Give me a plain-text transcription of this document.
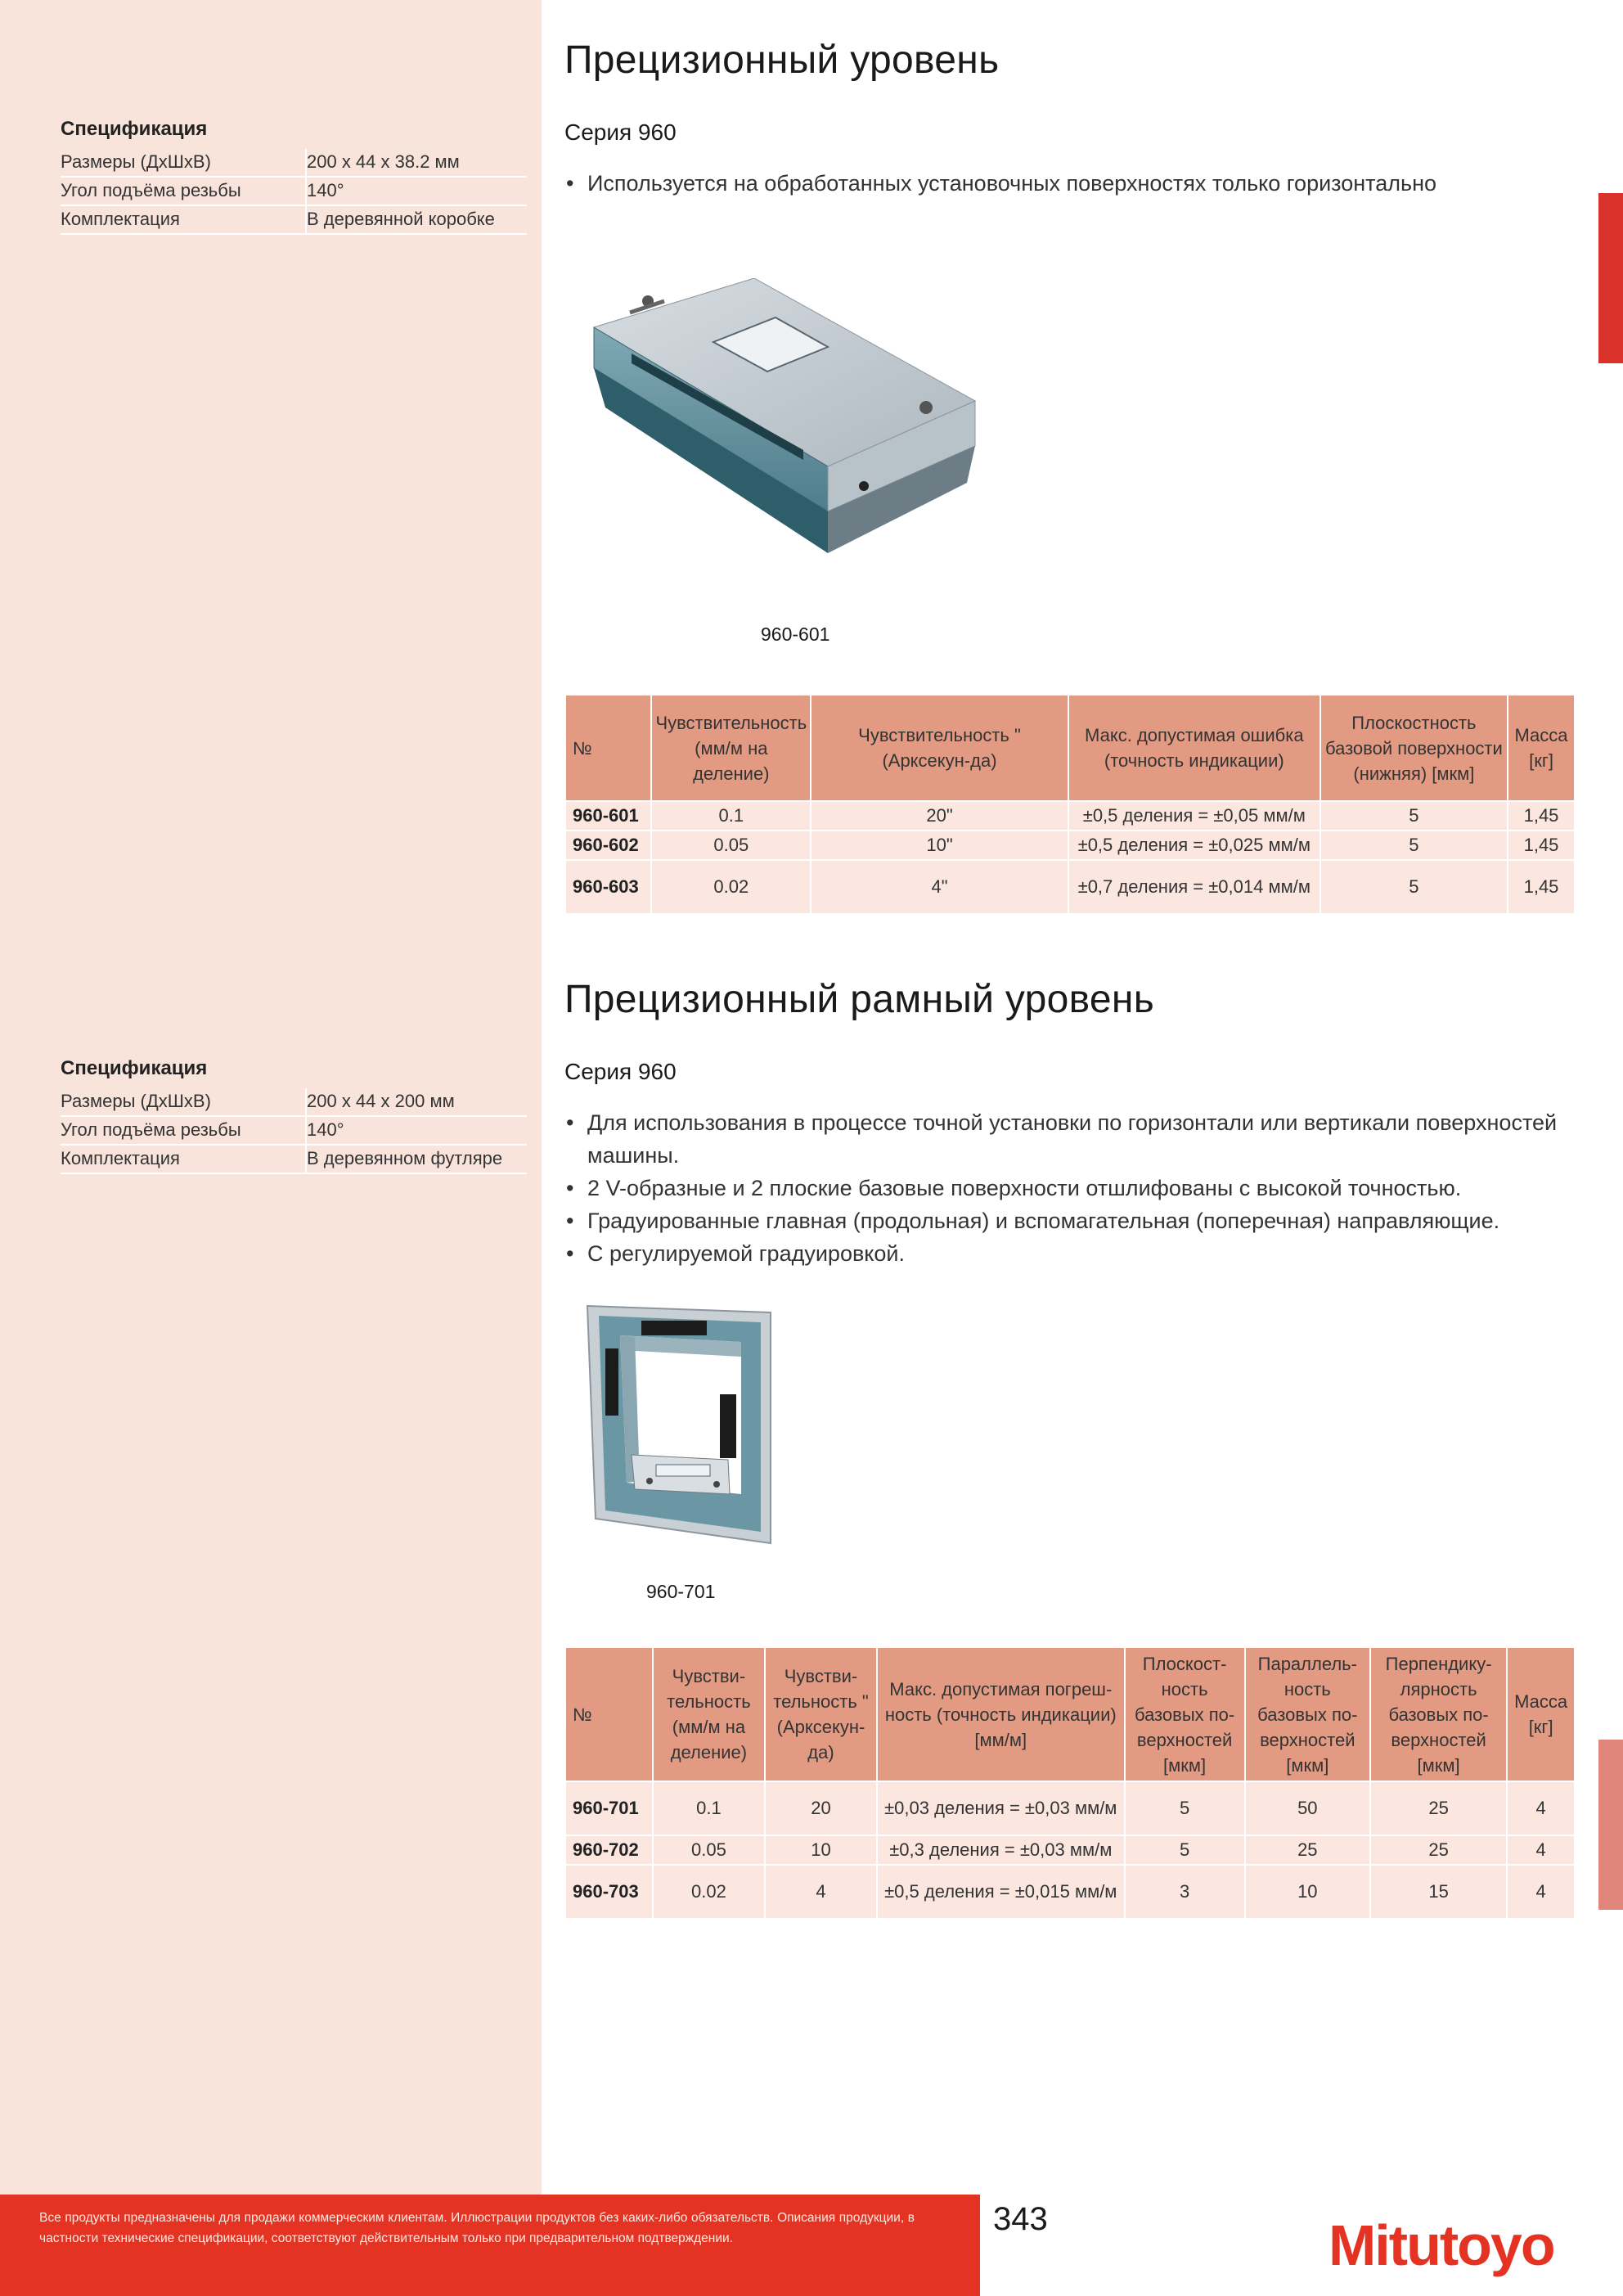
Спецификация
Размеры (ДхШхВ)	200 x 44 x 38.2 мм
Угол подъёма резьбы	140°
Комплектация	В деревянной коробке
Прецизионный уровень
Серия 960
• Используется на обработанных установочных поверхностях только горизонтально
960-601
№	Чувствительность (мм/м на деление)	Чувствительность "(Арксекун-да)	Макс. допустимая ошибка (точность индикации)	Плоскостность базовой поверхности (нижняя) [мкм]	Масса [кг]
960-601	0.1	20"	±0,5 деления = ±0,05 мм/м	5	1,45
960-602	0.05	10"	±0,5 деления = ±0,025 мм/м	5	1,45
960-603	0.02	4"	±0,7 деления = ±0,014 мм/м	5	1,45
Спецификация
Размеры (ДхШхВ)	200 x 44 x 200 мм
Угол подъёма резьбы	140°
Комплектация	В деревянном футляре
Прецизионный рамный уровень
Серия 960
• Для использования в процессе точной установки по горизонтали или вертикали поверхностей машины.
• 2 V-образные и 2 плоские базовые поверхности отшлифованы с высокой точностью.
• Градуированные главная (продольная) и вспомагательная (поперечная) направляющие.
• С регулируемой градуировкой.
960-701
№	Чувстви-тельность (мм/м на деление)	Чувстви-тельность "(Арксекун-да)	Макс. допустимая погреш-ность (точность индикации) [мм/м]	Плоскост-ность базовых по-верхностей [мкм]	Параллель-ность базовых по-верхностей [мкм]	Перпендику-лярность базовых по-верхностей [мкм]	Масса [кг]
960-701	0.1	20	±0,03 деления = ±0,03 мм/м	5	50	25	4
960-702	0.05	10	±0,3 деления = ±0,03 мм/м	5	25	25	4
960-703	0.02	4	±0,5 деления = ±0,015 мм/м	3	10	15	4
Все продукты предназначены для продажи коммерческим клиентам. Иллюстрации продуктов без каких-либо обязательств. Описания продукции, в частности технические спецификации, соответствуют действительным только при предварительном подтверждении.
343	Mitutoyo
